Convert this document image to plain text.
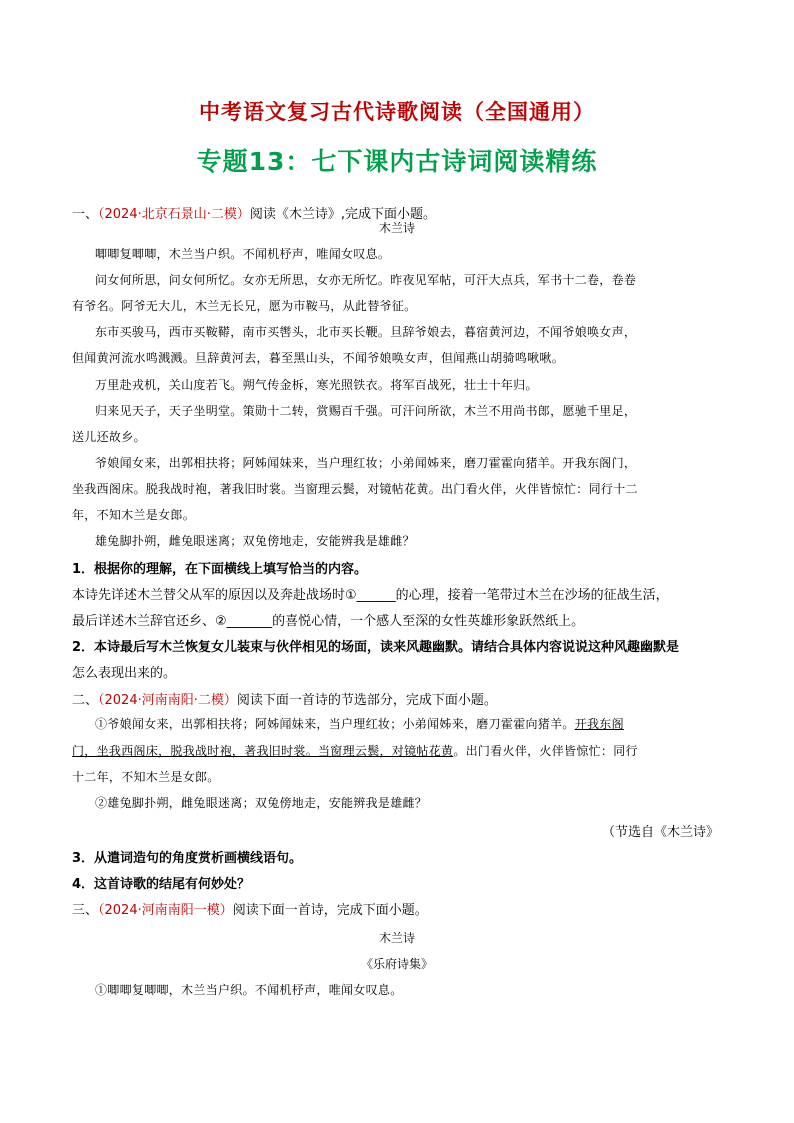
中考语文复习古代诗歌阅读（全国通用）
专题13：七下课内古诗词阅读精练
一、（2024·北京石景山·二模）阅读《木兰诗》,完成下面小题。
木兰诗
唧唧复唧唧，木兰当户织。不闻机杼声，唯闻女叹息。
问女何所思，问女何所忆。女亦无所思，女亦无所忆。昨夜见军帖，可汗大点兵，军书十二卷，卷卷
有爷名。阿爷无大儿，木兰无长兄，愿为市鞍马，从此替爷征。
东市买骏马，西市买鞍鞯，南市买辔头，北市买长鞭。旦辞爷娘去，暮宿黄河边，不闻爷娘唤女声，
但闻黄河流水鸣溅溅。旦辞黄河去，暮至黑山头，不闻爷娘唤女声，但闻燕山胡骑鸣啾啾。
万里赴戎机，关山度若飞。朔气传金柝，寒光照铁衣。将军百战死，壮士十年归。
归来见天子，天子坐明堂。策勋十二转，赏赐百千强。可汗问所欲，木兰不用尚书郎，愿驰千里足，
送儿还故乡。
爷娘闻女来，出郭相扶将；阿姊闻妹来，当户理红妆；小弟闻姊来，磨刀霍霍向猪羊。开我东阁门，
坐我西阁床。脱我战时袍，著我旧时裳。当窗理云鬓，对镜帖花黄。出门看火伴，火伴皆惊忙：同行十二
年，不知木兰是女郎。
雄兔脚扑朔，雌兔眼迷离；双兔傍地走，安能辨我是雄雌？
1．根据你的理解，在下面横线上填写恰当的内容。
本诗先详述木兰替父从军的原因以及奔赴战场时①______的心理，接着一笔带过木兰在沙场的征战生活，
最后详述木兰辞官还乡、②_______的喜悦心情，一个感人至深的女性英雄形象跃然纸上。
2．本诗最后写木兰恢复女儿装束与伙伴相见的场面，读来风趣幽默。请结合具体内容说说这种风趣幽默是
怎么表现出来的。
二、（2024·河南南阳·二模）阅读下面一首诗的节选部分，完成下面小题。
①爷娘闻女来，出郭相扶将；阿姊闻妹来，当户理红妆；小弟闻姊来，磨刀霍霍向猪羊。开我东阁
门，坐我西阁床，脱我战时袍，著我旧时裳。当窗理云鬓，对镜帖花黄。出门看火伴，火伴皆惊忙：同行
十二年，不知木兰是女郎。
②雄兔脚扑朔，雌兔眼迷离；双兔傍地走，安能辨我是雄雌？
（节选自《木兰诗》
3．从遣词造句的角度赏析画横线语句。
4．这首诗歌的结尾有何妙处？
三、（2024·河南南阳一模）阅读下面一首诗，完成下面小题。
木兰诗
《乐府诗集》
①唧唧复唧唧，木兰当户织。不闻机杼声，唯闻女叹息。
